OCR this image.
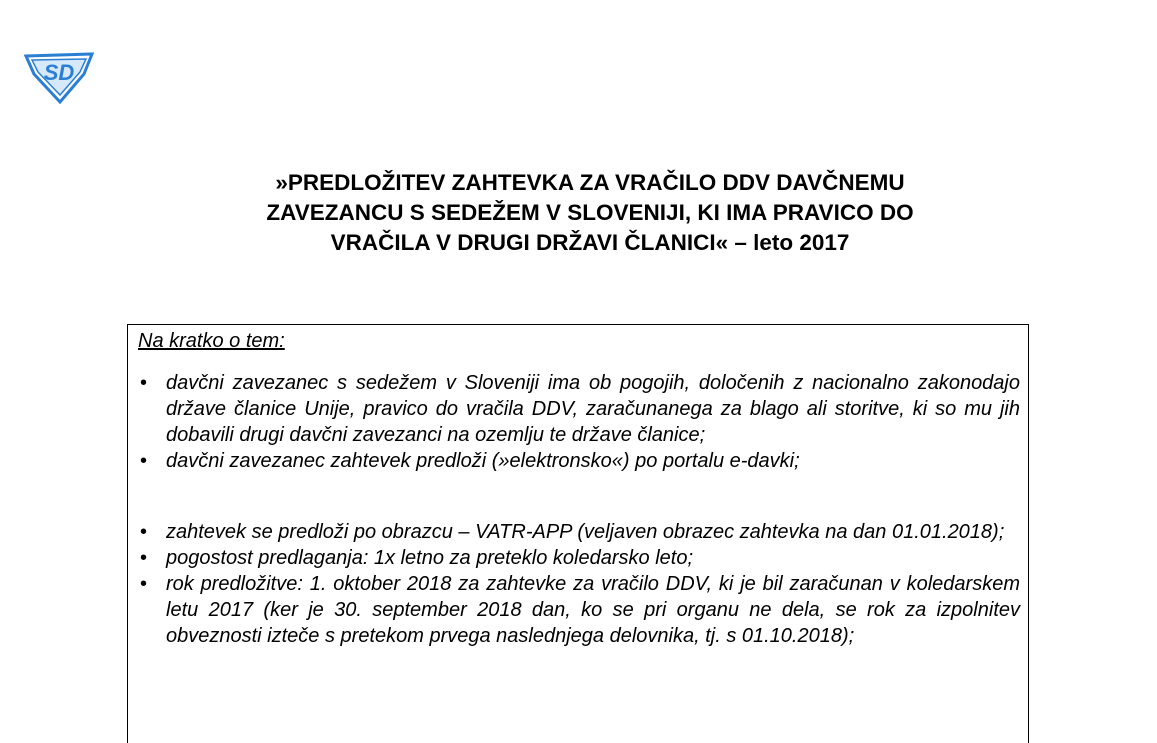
SD
»PREDLOŽITEV ZAHTEVKA ZA VRAČILO DDV DAVČNEMU
ZAVEZANCU S SEDEŽEM V SLOVENIJI, KI IMA PRAVICO DO
VRAČILA V DRUGI DRŽAVI ČLANICI« – leto 2017
Na kratko o tem:
• davčni zavezanec s sedežem v Sloveniji ima ob pogojih, določenih z nacionalno zakonodajo države članice Unije, pravico do vračila DDV, zaračunanega za blago ali storitve, ki so mu jih dobavili drugi davčni zavezanci na ozemlju te države članice;
• davčni zavezanec zahtevek predloži (»elektronsko«) po portalu e-davki;
• zahtevek se predloži po obrazcu – VATR-APP (veljaven obrazec zahtevka na dan 01.01.2018);
• pogostost predlaganja: 1x letno za preteklo koledarsko leto;
• rok predložitve: 1. oktober 2018 za zahtevke za vračilo DDV, ki je bil zaračunan v koledarskem letu 2017 (ker je 30. september 2018 dan, ko se pri organu ne dela, se rok za izpolnitev obveznosti izteče s pretekom prvega naslednjega delovnika, tj. s 01.10.2018);
